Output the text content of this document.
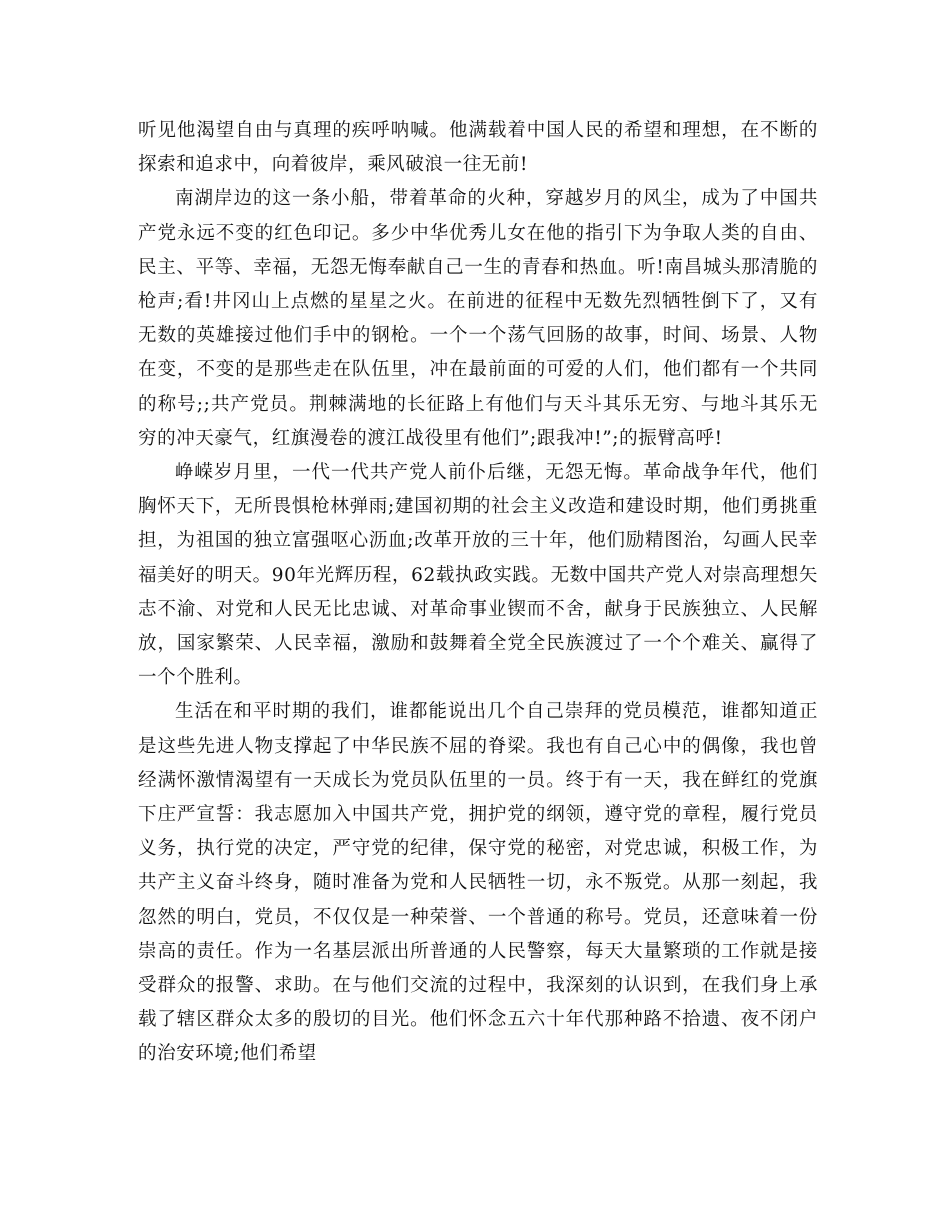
听见他渴望自由与真理的疾呼呐喊。他满载着中国人民的希望和理想，在不断的探索和追求中，向着彼岸，乘风破浪一往无前!

南湖岸边的这一条小船，带着革命的火种，穿越岁月的风尘，成为了中国共产党永远不变的红色印记。多少中华优秀儿女在他的指引下为争取人类的自由、民主、平等、幸福，无怨无悔奉献自己一生的青春和热血。听!南昌城头那清脆的枪声;看!井冈山上点燃的星星之火。在前进的征程中无数先烈牺牲倒下了，又有无数的英雄接过他们手中的钢枪。一个一个荡气回肠的故事，时间、场景、人物在变，不变的是那些走在队伍里，冲在最前面的可爱的人们，他们都有一个共同的称号;;共产党员。荆棘满地的长征路上有他们与天斗其乐无穷、与地斗其乐无穷的冲天豪气，红旗漫卷的渡江战役里有他们”;跟我冲!”;的振臂高呼!

峥嵘岁月里，一代一代共产党人前仆后继，无怨无悔。革命战争年代，他们胸怀天下，无所畏惧枪林弹雨;建国初期的社会主义改造和建设时期，他们勇挑重担，为祖国的独立富强呕心沥血;改革开放的三十年，他们励精图治，勾画人民幸福美好的明天。90年光辉历程，62载执政实践。无数中国共产党人对崇高理想矢志不渝、对党和人民无比忠诚、对革命事业锲而不舍，献身于民族独立、人民解放，国家繁荣、人民幸福，激励和鼓舞着全党全民族渡过了一个个难关、赢得了一个个胜利。

生活在和平时期的我们，谁都能说出几个自己崇拜的党员模范，谁都知道正是这些先进人物支撑起了中华民族不屈的脊梁。我也有自己心中的偶像，我也曾经满怀激情渴望有一天成长为党员队伍里的一员。终于有一天，我在鲜红的党旗下庄严宣誓：我志愿加入中国共产党，拥护党的纲领，遵守党的章程，履行党员义务，执行党的决定，严守党的纪律，保守党的秘密，对党忠诚，积极工作，为共产主义奋斗终身，随时准备为党和人民牺牲一切，永不叛党。从那一刻起，我忽然的明白，党员，不仅仅是一种荣誉、一个普通的称号。党员，还意味着一份崇高的责任。作为一名基层派出所普通的人民警察，每天大量繁琐的工作就是接受群众的报警、求助。在与他们交流的过程中，我深刻的认识到，在我们身上承载了辖区群众太多的殷切的目光。他们怀念五六十年代那种路不拾遗、夜不闭户的治安环境;他们希望
